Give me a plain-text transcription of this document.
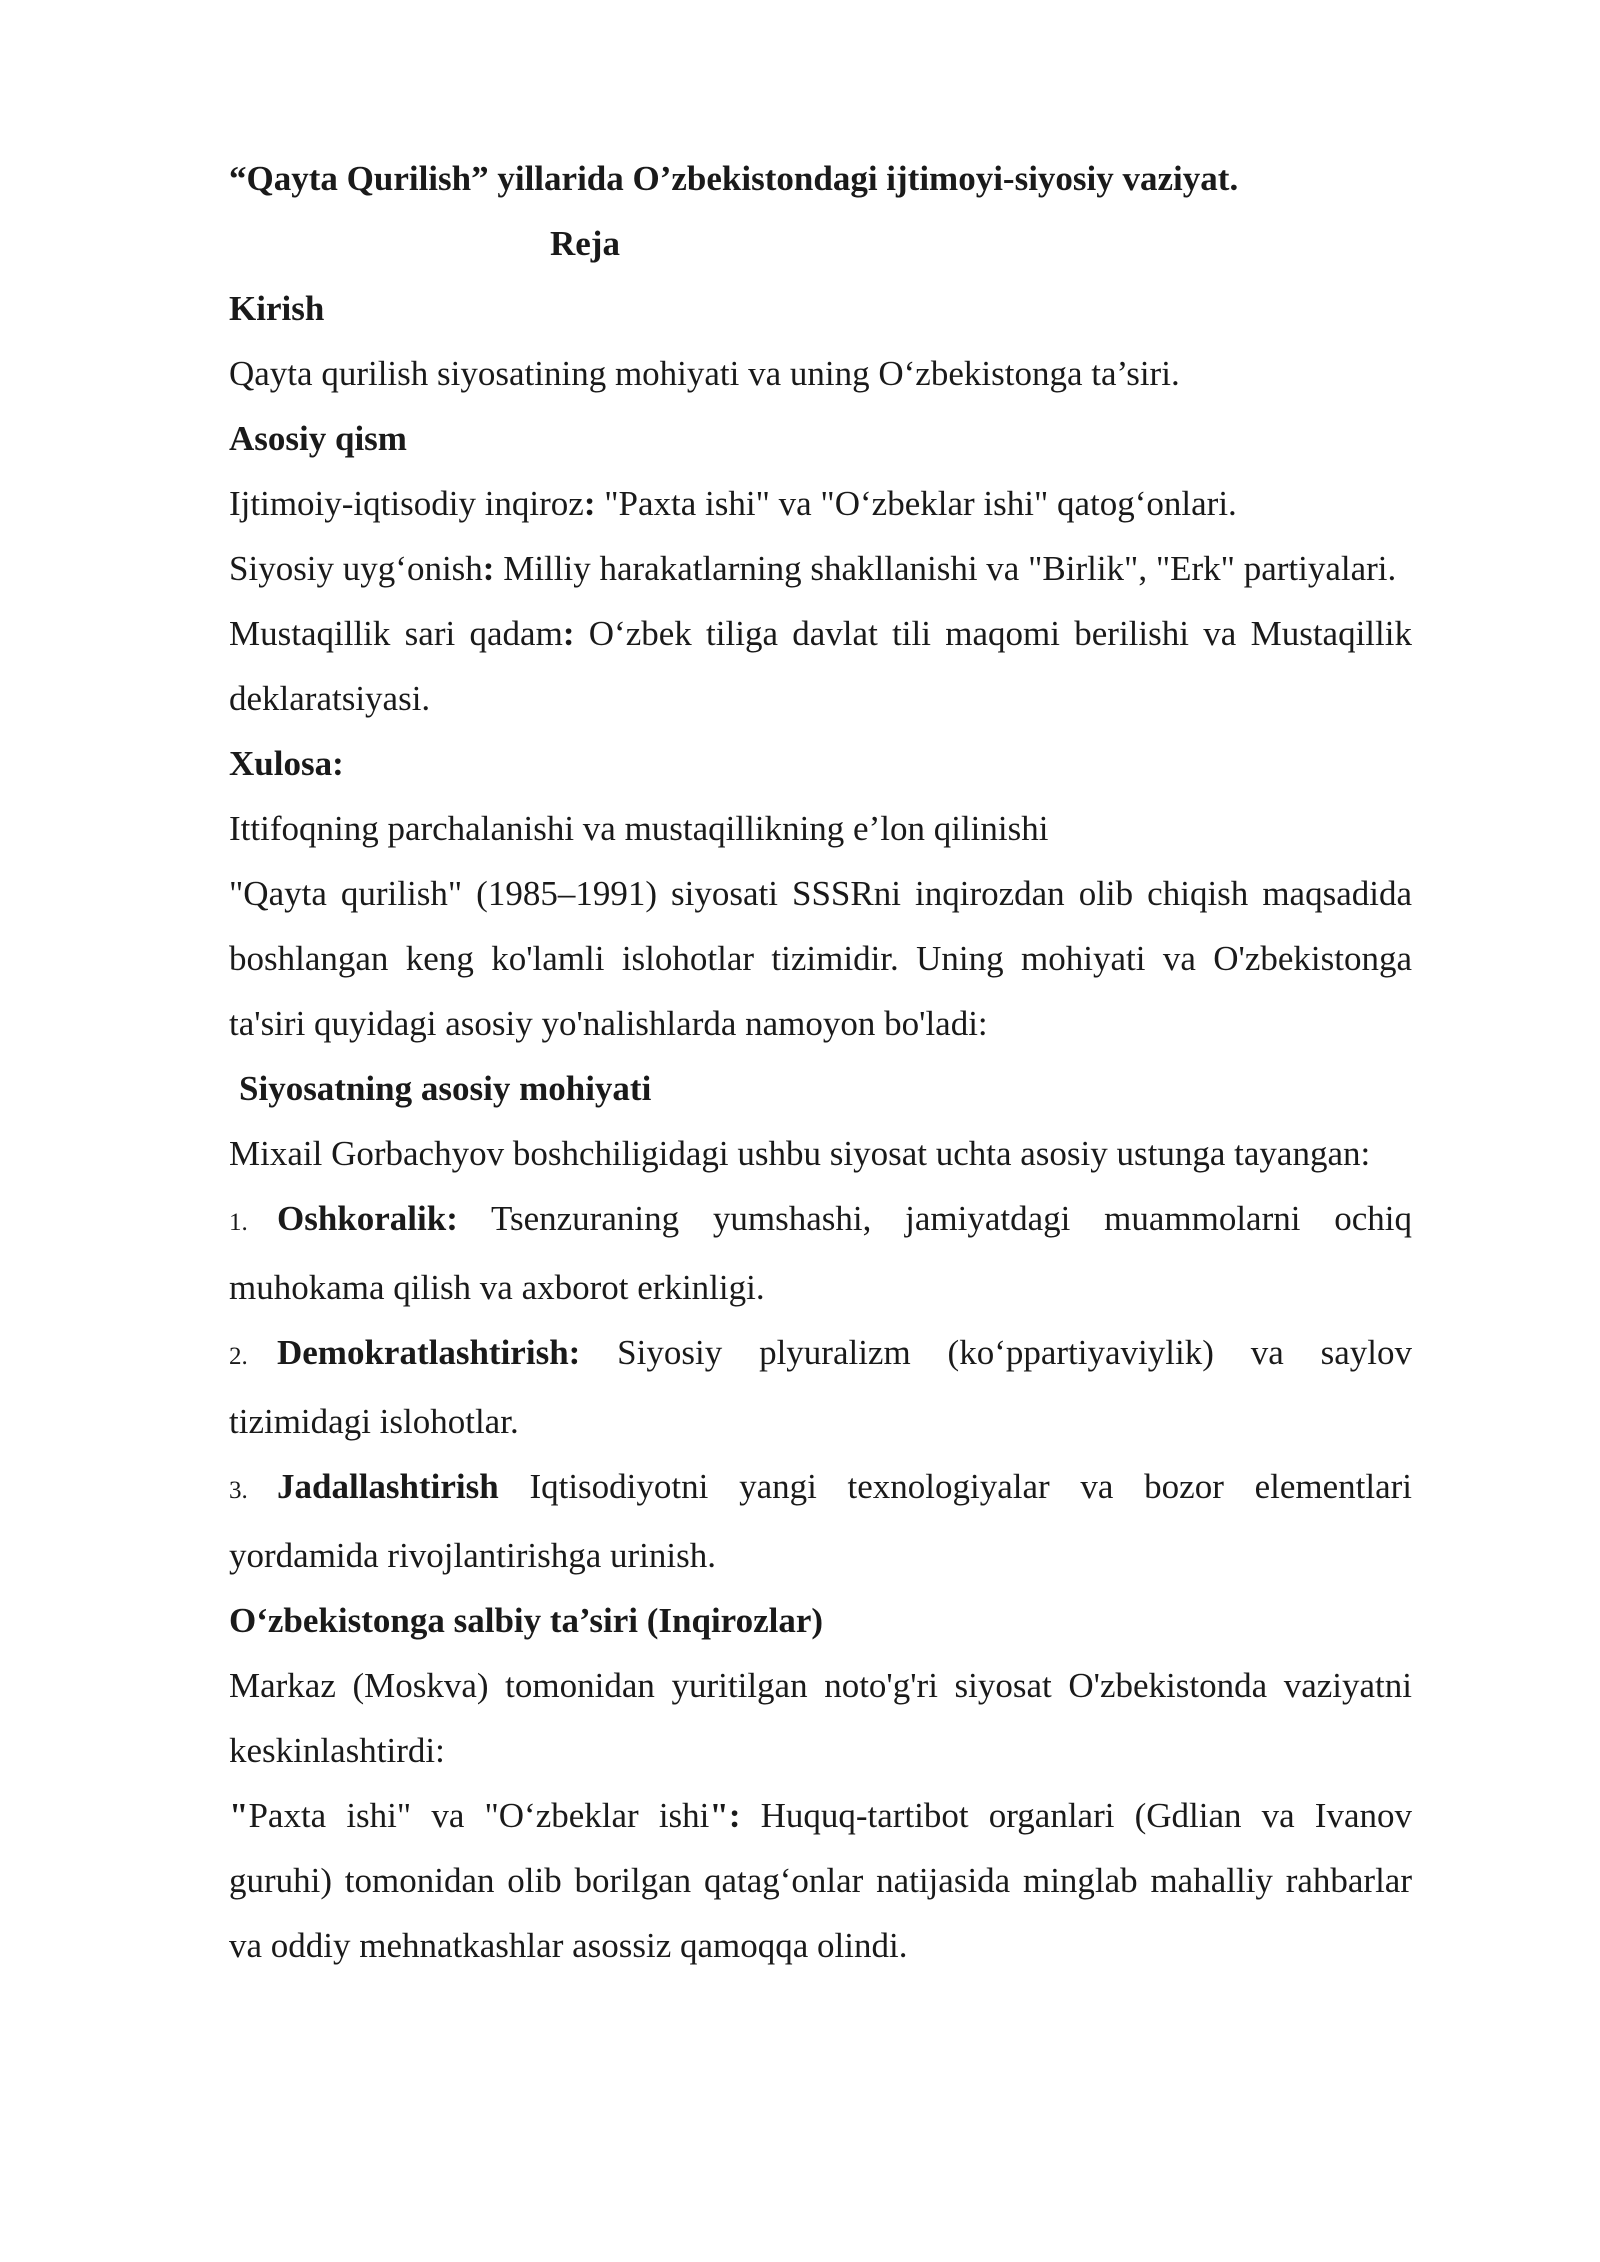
“Qayta Qurilish” yillarida O’zbekistondagi ijtimoyi-siyosiy vaziyat.

Reja

Kirish

Qayta qurilish siyosatining mohiyati va uning O‘zbekistonga ta’siri.

Asosiy qism

Ijtimoiy-iqtisodiy inqiroz: "Paxta ishi" va "O‘zbeklar ishi" qatog‘onlari.

Siyosiy uyg‘onish: Milliy harakatlarning shakllanishi va "Birlik", "Erk" partiyalari.

Mustaqillik sari qadam: O‘zbek tiliga davlat tili maqomi berilishi va Mustaqillik deklaratsiyasi.

Xulosa:

Ittifoqning parchalanishi va mustaqillikning e’lon qilinishi

"Qayta qurilish" (1985–1991) siyosati SSSRni inqirozdan olib chiqish maqsadida boshlangan keng ko'lamli islohotlar tizimidir. Uning mohiyati va O'zbekistonga ta'siri quyidagi asosiy yo'nalishlarda namoyon bo'ladi:

Siyosatning asosiy mohiyati

Mixail Gorbachyov boshchiligidagi ushbu siyosat uchta asosiy ustunga tayangan:

1. Oshkoralik: Tsenzuraning yumshashi, jamiyatdagi muammolarni ochiq muhokama qilish va axborot erkinligi.

2. Demokratlashtirish: Siyosiy plyuralizm (ko‘ppartiyaviylik) va saylov tizimidagi islohotlar.

3. Jadallashtirish Iqtisodiyotni yangi texnologiyalar va bozor elementlari yordamida rivojlantirishga urinish.

O‘zbekistonga salbiy ta’siri (Inqirozlar)

Markaz (Moskva) tomonidan yuritilgan noto'g'ri siyosat O'zbekistonda vaziyatni keskinlashtirdi:

"Paxta ishi" va "O‘zbeklar ishi": Huquq-tartibot organlari (Gdlian va Ivanov guruhi) tomonidan olib borilgan qatag‘onlar natijasida minglab mahalliy rahbarlar va oddiy mehnatkashlar asossiz qamoqqa olindi.
